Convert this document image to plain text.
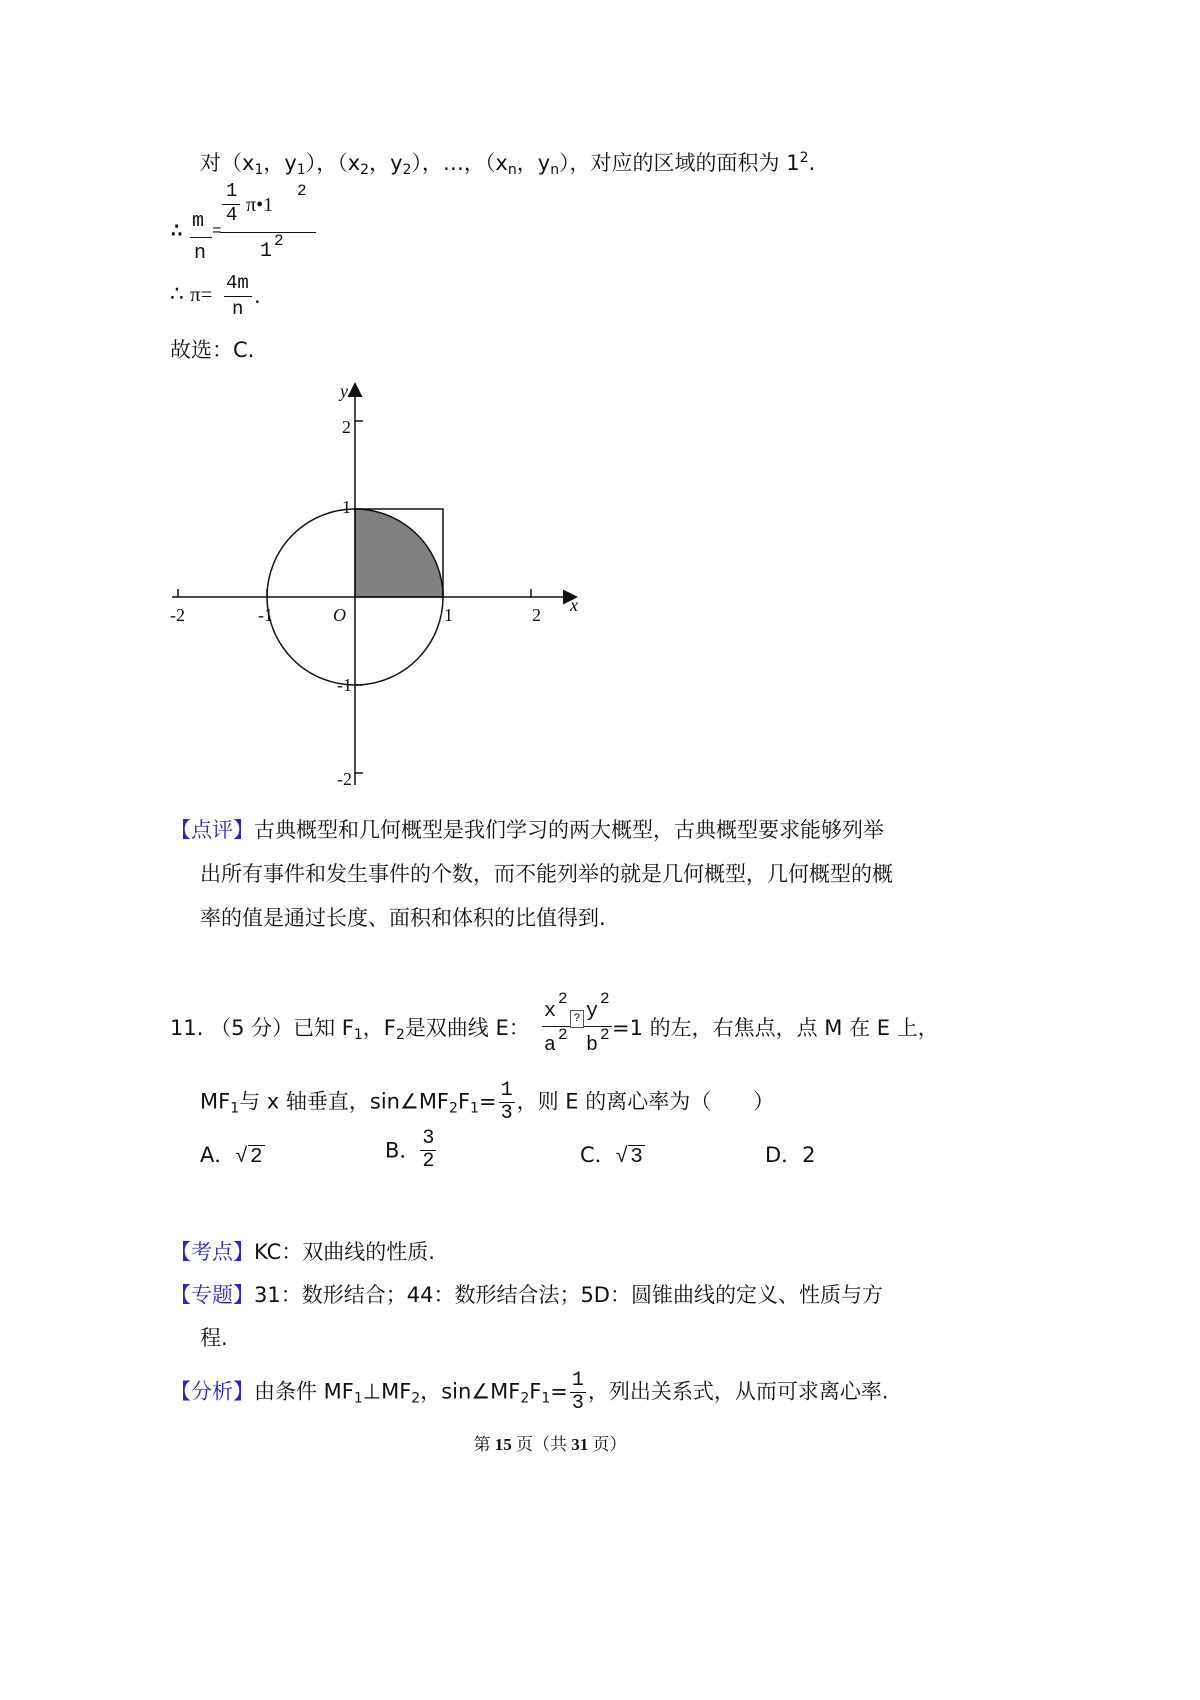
对（$x_1$，$y_1$），（$x_2$，$y_2$），…，（$x_n$，$y_n$），对应的区域的面积为 $1^2$.
∴ m
n
=
1
4 π•1
2
1 2
∴ π= 4m
n
.
故选：C.
x
y
O
-2	-1	1	2
2
1
-1
-2
【点评】古典概型和几何概型是我们学习的两大概型，古典概型要求能够列举
出所有事件和发生事件的个数，而不能列举的就是几何概型，几何概型的概
率的值是通过长度、面积和体积的比值得到.
11. （5 分）已知 $F_1$，$F_2$是双曲线 E：
x
2
a 2
? y
2
b 2 =1 的左，右焦点，点 M 在 E 上，
$MF_1$与 x 轴垂直，$\sin\angle MF_2F_1= \frac{1}{3}$ ，则 E 的离心率为（　　）
A．√2	B． $\frac{3}{2}$	C．√3	D．2
【考点】KC：双曲线的性质.
【专题】31：数形结合；44：数形结合法；5D：圆锥曲线的定义、性质与方
程.
【分析】由条件 $MF_1\perp MF_2$，$\sin\angle MF_2F_1= \frac{1}{3}$ ，列出关系式，从而可求离心率.
第 15 页（共 31 页）
